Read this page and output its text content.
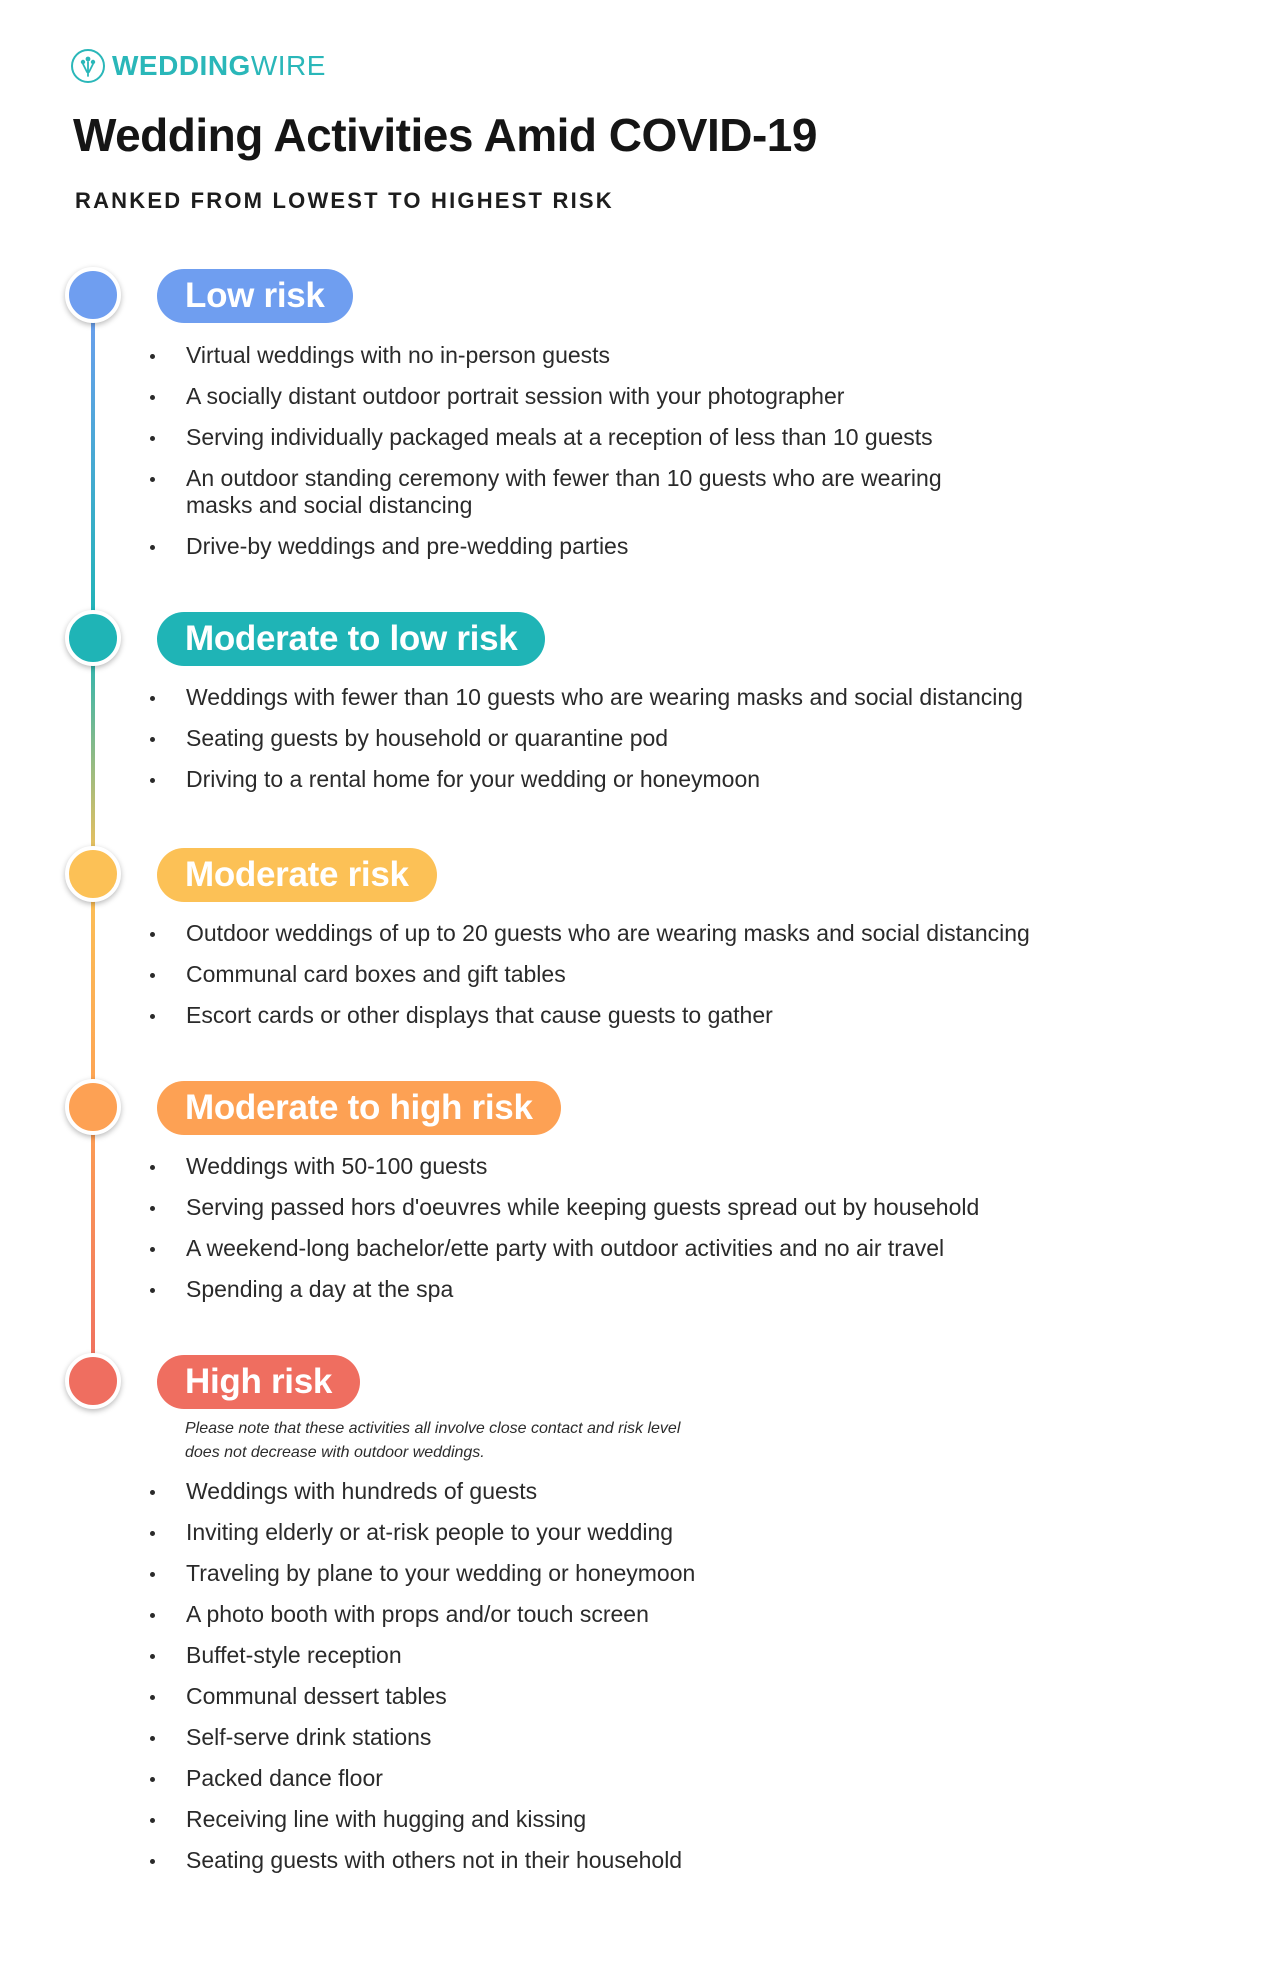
WEDDINGWIRE
Wedding Activities Amid COVID-19

RANKED FROM LOWEST TO HIGHEST RISK

Low risk
Moderate to low risk
Moderate risk
Moderate to high risk
High risk
Virtual weddings with no in-person guests
A socially distant outdoor portrait session with your photographer
Serving individually packaged meals at a reception of less than 10 guests
An outdoor standing ceremony with fewer than 10 guests who are wearing masks and social distancing
Drive-by weddings and pre-wedding parties
Weddings with fewer than 10 guests who are wearing masks and social distancing
Seating guests by household or quarantine pod
Driving to a rental home for your wedding or honeymoon
Outdoor weddings of up to 20 guests who are wearing masks and social distancing
Communal card boxes and gift tables
Escort cards or other displays that cause guests to gather
Weddings with 50-100 guests
Serving passed hors d'oeuvres while keeping guests spread out by household
A weekend-long bachelor/ette party with outdoor activities and no air travel
Spending a day at the spa

Please note that these activities all involve close contact and risk level does not decrease with outdoor weddings.

Weddings with hundreds of guests
Inviting elderly or at-risk people to your wedding
Traveling by plane to your wedding or honeymoon
A photo booth with props and/or touch screen
Buffet-style reception
Communal dessert tables
Self-serve drink stations
Packed dance floor
Receiving line with hugging and kissing
Seating guests with others not in their household
